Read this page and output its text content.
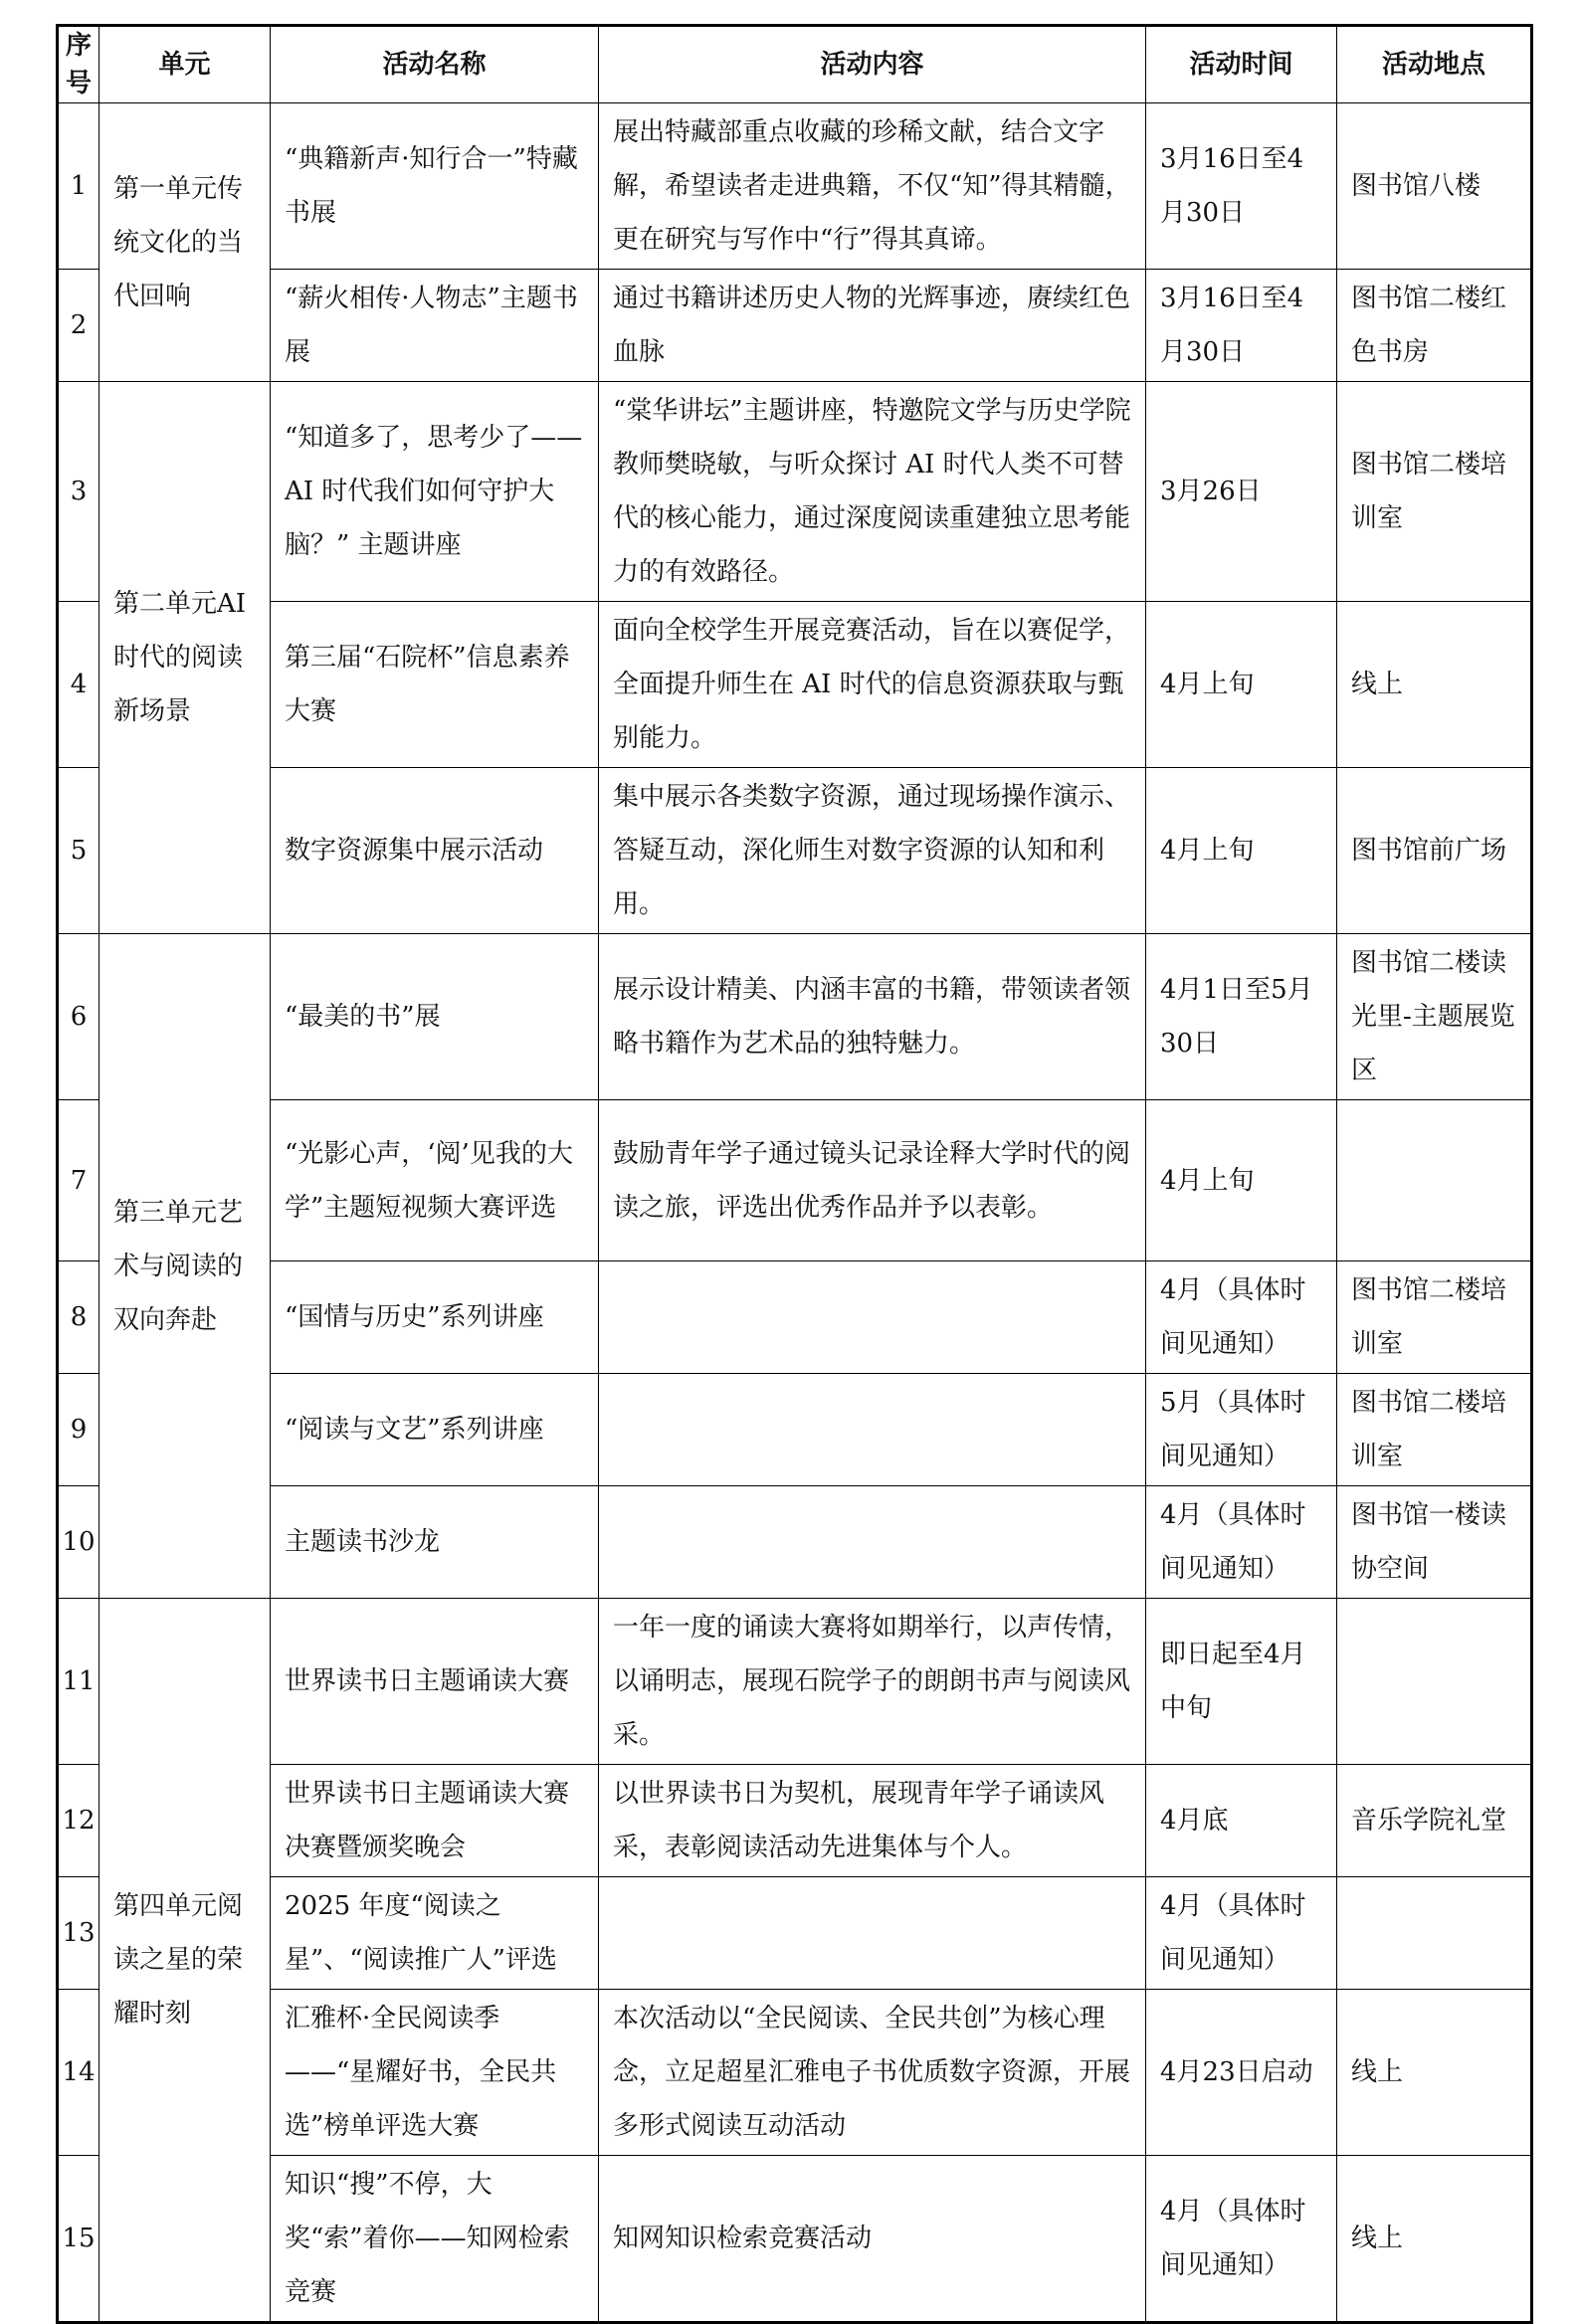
序号	单元	活动名称	活动内容	活动时间	活动地点
1	第一单元传统文化的当代回响	“典籍新声·知行合一”特藏书展	展出特藏部重点收藏的珍稀文献，结合文字解，希望读者走进典籍，不仅“知”得其精髓，更在研究与写作中“行”得其真谛。	3月16日至4月30日	图书馆八楼
2		“薪火相传·人物志”主题书展	通过书籍讲述历史人物的光辉事迹，赓续红色血脉	3月16日至4月30日	图书馆二楼红色书房
3	第二单元AI 时代的阅读新场景	“知道多了，思考少了——AI 时代我们如何守护大脑？” 主题讲座	“棠华讲坛”主题讲座，特邀院文学与历史学院教师樊晓敏，与听众探讨 AI 时代人类不可替代的核心能力，通过深度阅读重建独立思考能力的有效路径。	3月26日	图书馆二楼培训室
4		第三届“石院杯”信息素养大赛	面向全校学生开展竞赛活动，旨在以赛促学，全面提升师生在 AI 时代的信息资源获取与甄别能力。	4月上旬	线上
5		数字资源集中展示活动	集中展示各类数字资源，通过现场操作演示、答疑互动，深化师生对数字资源的认知和利用。	4月上旬	图书馆前广场
6	第三单元艺术与阅读的双向奔赴	“最美的书”展	展示设计精美、内涵丰富的书籍，带领读者领略书籍作为艺术品的独特魅力。	4月1日至5月30日	图书馆二楼读光里-主题展览区
7		“光影心声，‘阅’见我的大学”主题短视频大赛评选	鼓励青年学子通过镜头记录诠释大学时代的阅读之旅，评选出优秀作品并予以表彰。	4月上旬	
8		“国情与历史”系列讲座		4月（具体时间见通知）	图书馆二楼培训室
9		“阅读与文艺”系列讲座		5月（具体时间见通知）	图书馆二楼培训室
10		主题读书沙龙		4月（具体时间见通知）	图书馆一楼读协空间
11	第四单元阅读之星的荣耀时刻	世界读书日主题诵读大赛	一年一度的诵读大赛将如期举行，以声传情，以诵明志，展现石院学子的朗朗书声与阅读风采。	即日起至4月中旬	
12		世界读书日主题诵读大赛决赛暨颁奖晚会	以世界读书日为契机，展现青年学子诵读风采，表彰阅读活动先进集体与个人。	4月底	音乐学院礼堂
13		2025 年度“阅读之星”、“阅读推广人”评选		4月（具体时间见通知）	
14		汇雅杯·全民阅读季——“星耀好书，全民共选”榜单评选大赛	本次活动以“全民阅读、全民共创”为核心理念，立足超星汇雅电子书优质数字资源，开展多形式阅读互动活动	4月23日启动	线上
15		知识“搜”不停，大奖“索”着你——知网检索竞赛	知网知识检索竞赛活动	4月（具体时间见通知）	线上
